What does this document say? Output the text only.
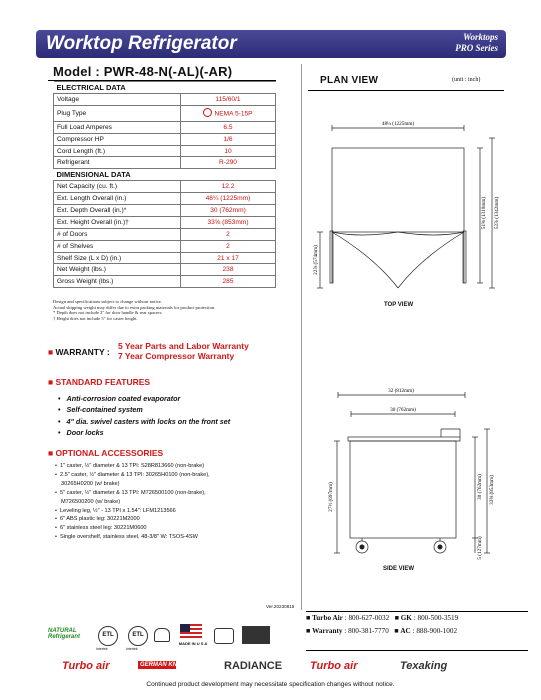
Worktop Refrigerator	Worktops
PRO Series
Model : PWR-48-N(-AL)(-AR)
ELECTRICAL DATA	
Voltage	115/60/1
Plug Type	NEMA 5-15P
Full Load Amperes	6.5
Compressor HP	1/6
Cord Length (ft.)	10
Refrigerant	R-290
DIMENSIONAL DATA	
Net Capacity (cu. ft.)	12.2
Ext. Length Overall (in.)	48¼ (1225mm)
Ext. Depth Overall (in.)*	30 (762mm)
Ext. Height Overall (in.)†	33⅝ (853mm)
# of Doors	2
# of Shelves	2
Shelf Size (L x D) (in.)	21 x 17
Net Weight (lbs.)	238
Gross Weight (lbs.)	285
Design and specifications subject to change without notice.
Actual shipping weight may differ due to extra packing materials for product protection.
* Depth does not include 2" for door handle & rear spacers.
† Height does not include 5" for caster height.
■ WARRANTY :
5 Year Parts and Labor Warranty
7 Year Compressor Warranty
■ STANDARD FEATURES
• Anti-corrosion coated evaporator
• Self-contained system
• 4" dia. swivel casters with locks on the front set
• Door locks
■ OPTIONAL ACCESSORIES
• 1" caster, ½" diameter & 13 TPI: S28R813660 (non-brake)
• 2.5" caster, ½" diameter & 13 TPI: 30265H0100 (non-brake),
30265H0200 (w/ brake)
• 5" caster, ½" diameter & 13 TPI: M726500100 (non-brake),
M726500200 (w/ brake)
• Leveling leg, ½" - 13 TPI x 1.54": LFM1213566
• 6" ABS plastic leg: 30221M2000
• 6" stainless steel leg: 30221M0600
• Single overshelf, stainless steel, 48-3/8" W: TSOS-4SW
Ver.20230815
PLAN VIEW	(unit : inch)
48¼ (1225mm)
51⅝ (1310mm) 52⅞ (1342mm)
22⅞ (574mm)
TOP VIEW
32 (812mm)
30 (762mm)
27½ (697mm)	30 (762mm) 33⅝ (853mm)
5 (127mm)
SIDE VIEW
■ Turbo Air : 800-627-0032   ■ GK : 800-500-3519
■ Warranty : 800-381-7770   ■ AC : 888-900-1002
NATURAL
Refrigerant	ETL	ETL
Intertek	Intertek
MADE IN U S A
Turbo air	GERMAN KNIFE	RADIANCE	Turbo air	Texaking
Continued product development may necessitate specification changes without notice.
